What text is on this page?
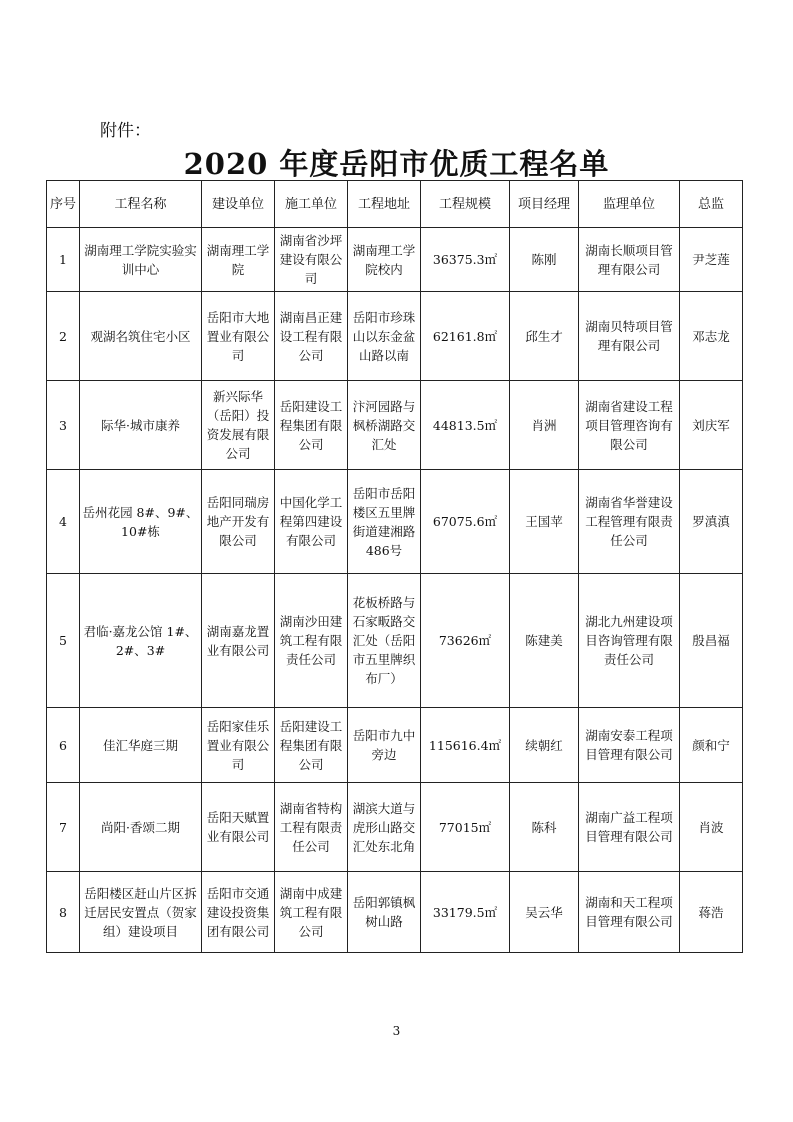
附件：
2020 年度岳阳市优质工程名单
序号	工程名称	建设单位	施工单位	工程地址	工程规模	项目经理	监理单位	总监
1	湖南理工学院实验实训中心	湖南理工学院	湖南省沙坪建设有限公司	湖南理工学院校内	36375.3㎡	陈刚	湖南长顺项目管理有限公司	尹芝莲
2	观湖名筑住宅小区	岳阳市大地置业有限公司	湖南昌正建设工程有限公司	岳阳市珍珠山以东金盆山路以南	62161.8㎡	邱生才	湖南贝特项目管理有限公司	邓志龙
3	际华·城市康养	新兴际华（岳阳）投资发展有限公司	岳阳建设工程集团有限公司	汴河园路与枫桥湖路交汇处	44813.5㎡	肖洲	湖南省建设工程项目管理咨询有限公司	刘庆军
4	岳州花园 8#、9#、10#栋	岳阳同瑞房地产开发有限公司	中国化学工程第四建设有限公司	岳阳市岳阳楼区五里牌街道建湘路486号	67075.6㎡	王国苹	湖南省华誉建设工程管理有限责任公司	罗滇滇
5	君临·嘉龙公馆 1#、2#、3#	湖南嘉龙置业有限公司	湖南沙田建筑工程有限责任公司	花板桥路与石家畈路交汇处（岳阳市五里牌织布厂）	73626㎡	陈建美	湖北九州建设项目咨询管理有限责任公司	殷昌福
6	佳汇华庭三期	岳阳家佳乐置业有限公司	岳阳建设工程集团有限公司	岳阳市九中旁边	115616.4㎡	续朝红	湖南安泰工程项目管理有限公司	颜和宁
7	尚阳·香颂二期	岳阳天赋置业有限公司	湖南省特构工程有限责任公司	湖滨大道与虎形山路交汇处东北角	77015㎡	陈科	湖南广益工程项目管理有限公司	肖波
8	岳阳楼区赶山片区拆迁居民安置点（贺家组）建设项目	岳阳市交通建设投资集团有限公司	湖南中成建筑工程有限公司	岳阳郭镇枫树山路	33179.5㎡	吴云华	湖南和天工程项目管理有限公司	蒋浩
3
